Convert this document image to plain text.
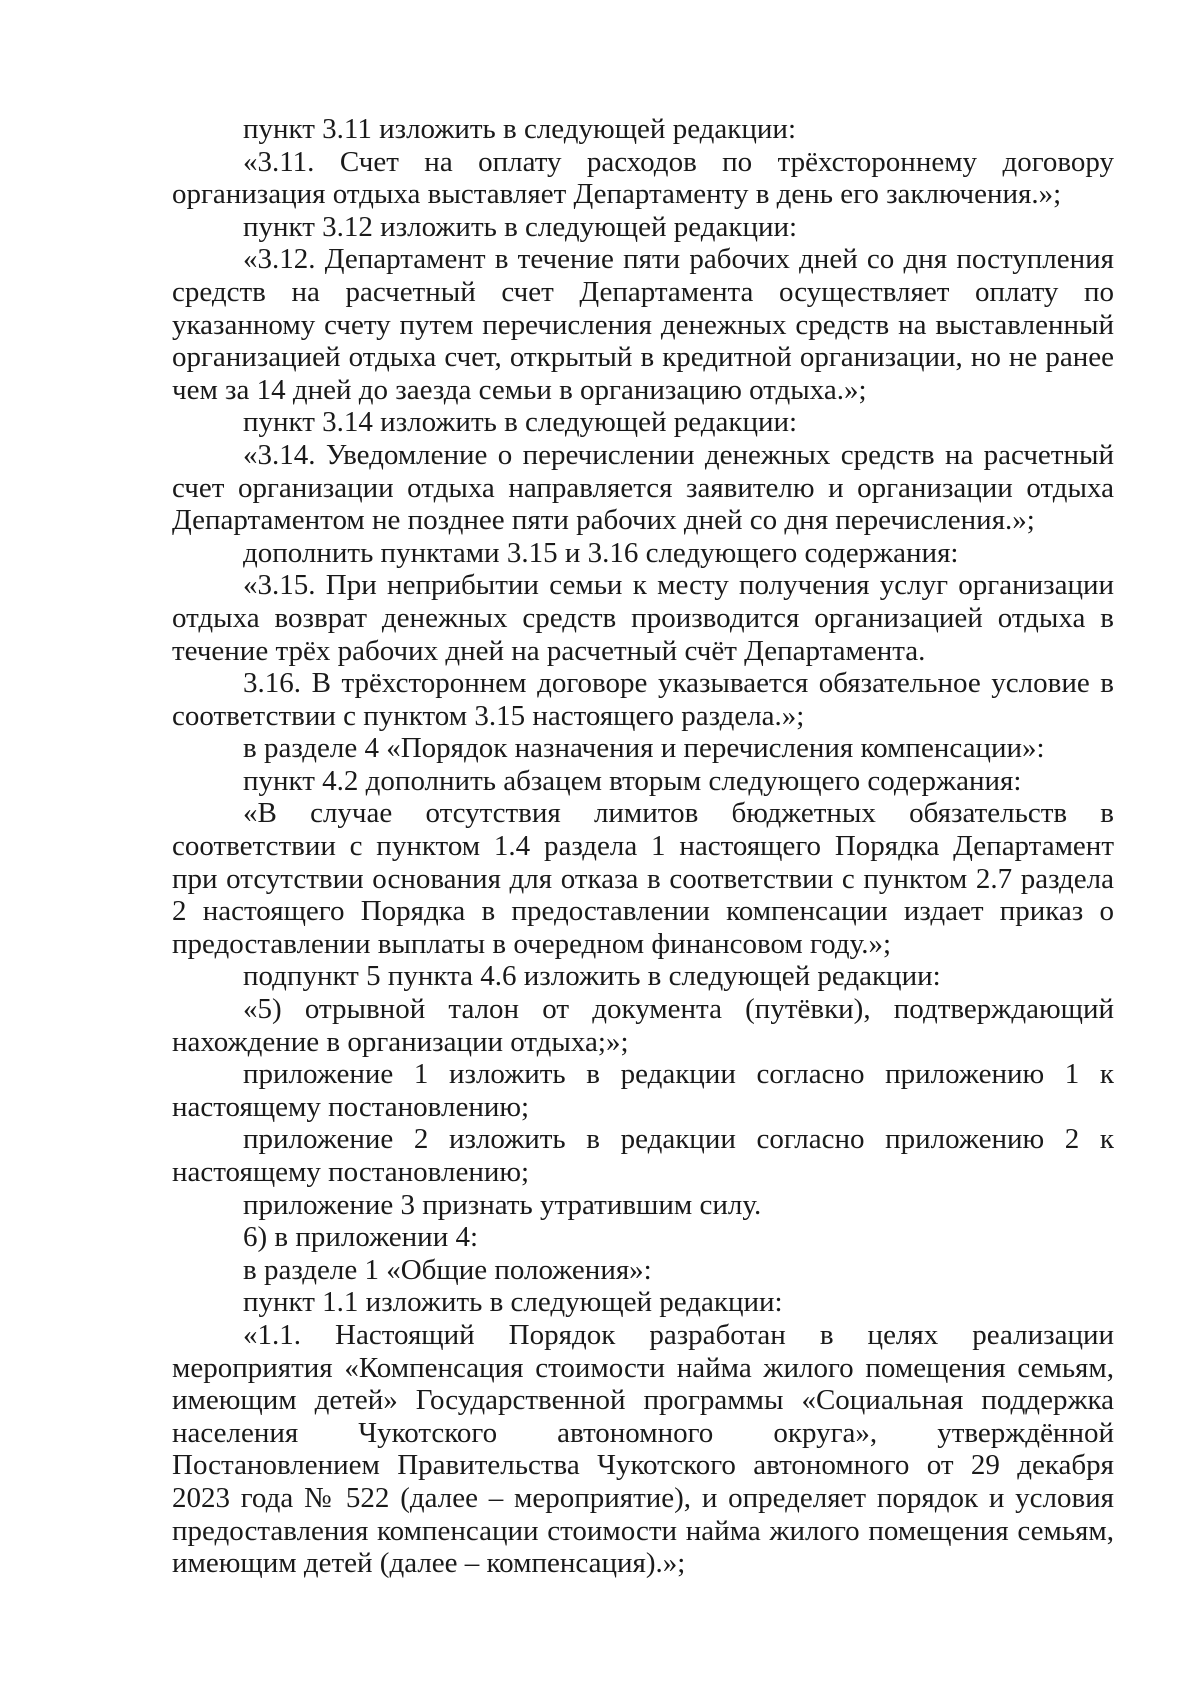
пункт 3.11 изложить в следующей редакции:

«3.11. Счет на оплату расходов по трёхстороннему договору организация отдыха выставляет Департаменту в день его заключения.»;

пункт 3.12 изложить в следующей редакции:

«3.12. Департамент в течение пяти рабочих дней со дня поступления средств на расчетный счет Департамента осуществляет оплату по указанному счету путем перечисления денежных средств на выставленный организацией отдыха счет, открытый в кредитной организации, но не ранее чем за 14 дней до заезда семьи в организацию отдыха.»;

пункт 3.14 изложить в следующей редакции:

«3.14. Уведомление о перечислении денежных средств на расчетный счет организации отдыха направляется заявителю и организации отдыха Департаментом не позднее пяти рабочих дней со дня перечисления.»;

дополнить пунктами 3.15 и 3.16 следующего содержания:

«3.15. При неприбытии семьи к месту получения услуг организации отдыха возврат денежных средств производится организацией отдыха в течение трёх рабочих дней на расчетный счёт Департамента.

3.16. В трёхстороннем договоре указывается обязательное условие в соответствии с пунктом 3.15 настоящего раздела.»;

в разделе 4 «Порядок назначения и перечисления компенсации»:

пункт 4.2 дополнить абзацем вторым следующего содержания:

«В случае отсутствия лимитов бюджетных обязательств в соответствии с пунктом 1.4 раздела 1 настоящего Порядка Департамент при отсутствии основания для отказа в соответствии с пунктом 2.7 раздела 2 настоящего Порядка в предоставлении компенсации издает приказ о предоставлении выплаты в очередном финансовом году.»;

подпункт 5 пункта 4.6 изложить в следующей редакции:

«5) отрывной талон от документа (путёвки), подтверждающий нахождение в организации отдыха;»;

приложение 1 изложить в редакции согласно приложению 1 к настоящему постановлению;

приложение 2 изложить в редакции согласно приложению 2 к настоящему постановлению;

приложение 3 признать утратившим силу.

6) в приложении 4:

в разделе 1 «Общие положения»:

пункт 1.1 изложить в следующей редакции:

«1.1. Настоящий Порядок разработан в целях реализации мероприятия «Компенсация стоимости найма жилого помещения семьям, имеющим детей» Государственной программы «Социальная поддержка населения Чукотского автономного округа», утверждённой Постановлением Правительства Чукотского автономного от 29 декабря 2023 года № 522 (далее – мероприятие), и определяет порядок и условия предоставления компенсации стоимости найма жилого помещения семьям, имеющим детей (далее – компенсация).»;
